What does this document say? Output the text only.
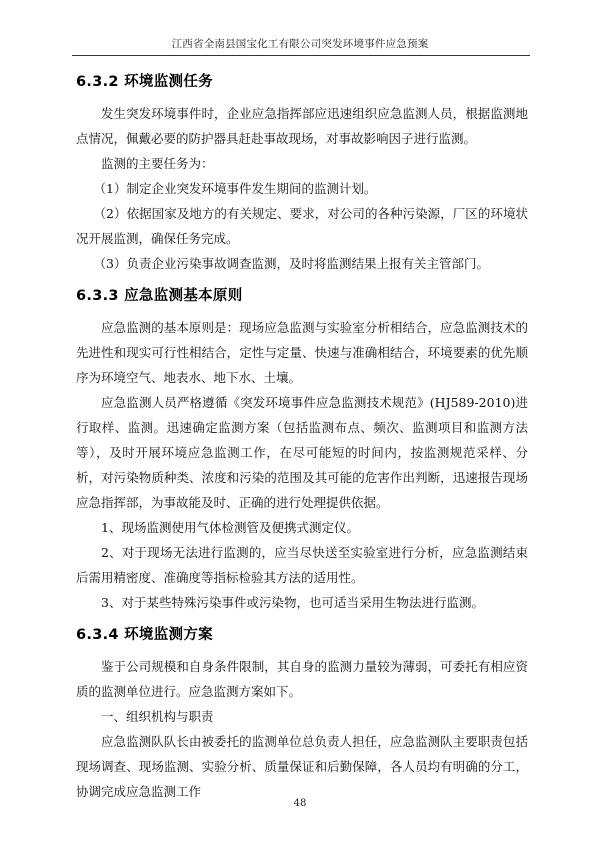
江西省全南县国宝化工有限公司突发环境事件应急预案
6.3.2 环境监测任务

发生突发环境事件时，企业应急指挥部应迅速组织应急监测人员，根据监测地点情况，佩戴必要的防护器具赶赴事故现场，对事故影响因子进行监测。

监测的主要任务为：

（1）制定企业突发环境事件发生期间的监测计划。

（2）依据国家及地方的有关规定、要求，对公司的各种污染源，厂区的环境状况开展监测，确保任务完成。

（3）负责企业污染事故调查监测，及时将监测结果上报有关主管部门。

6.3.3 应急监测基本原则

应急监测的基本原则是：现场应急监测与实验室分析相结合，应急监测技术的先进性和现实可行性相结合，定性与定量、快速与准确相结合，环境要素的优先顺序为环境空气、地表水、地下水、土壤。

应急监测人员严格遵循《突发环境事件应急监测技术规范》(HJ589-2010)进行取样、监测。迅速确定监测方案（包括监测布点、频次、监测项目和监测方法等），及时开展环境应急监测工作，在尽可能短的时间内，按监测规范采样、分析，对污染物质种类、浓度和污染的范围及其可能的危害作出判断，迅速报告现场应急指挥部，为事故能及时、正确的进行处理提供依据。

1、现场监测使用气体检测管及便携式测定仪。

2、对于现场无法进行监测的，应当尽快送至实验室进行分析，应急监测结束后需用精密度、准确度等指标检验其方法的适用性。

3、对于某些特殊污染事件或污染物，也可适当采用生物法进行监测。

6.3.4 环境监测方案

鉴于公司规模和自身条件限制，其自身的监测力量较为薄弱，可委托有相应资质的监测单位进行。应急监测方案如下。

一、组织机构与职责

应急监测队队长由被委托的监测单位总负责人担任，应急监测队主要职责包括现场调查、现场监测、实验分析、质量保证和后勤保障，各人员均有明确的分工，协调完成应急监测工作

48
